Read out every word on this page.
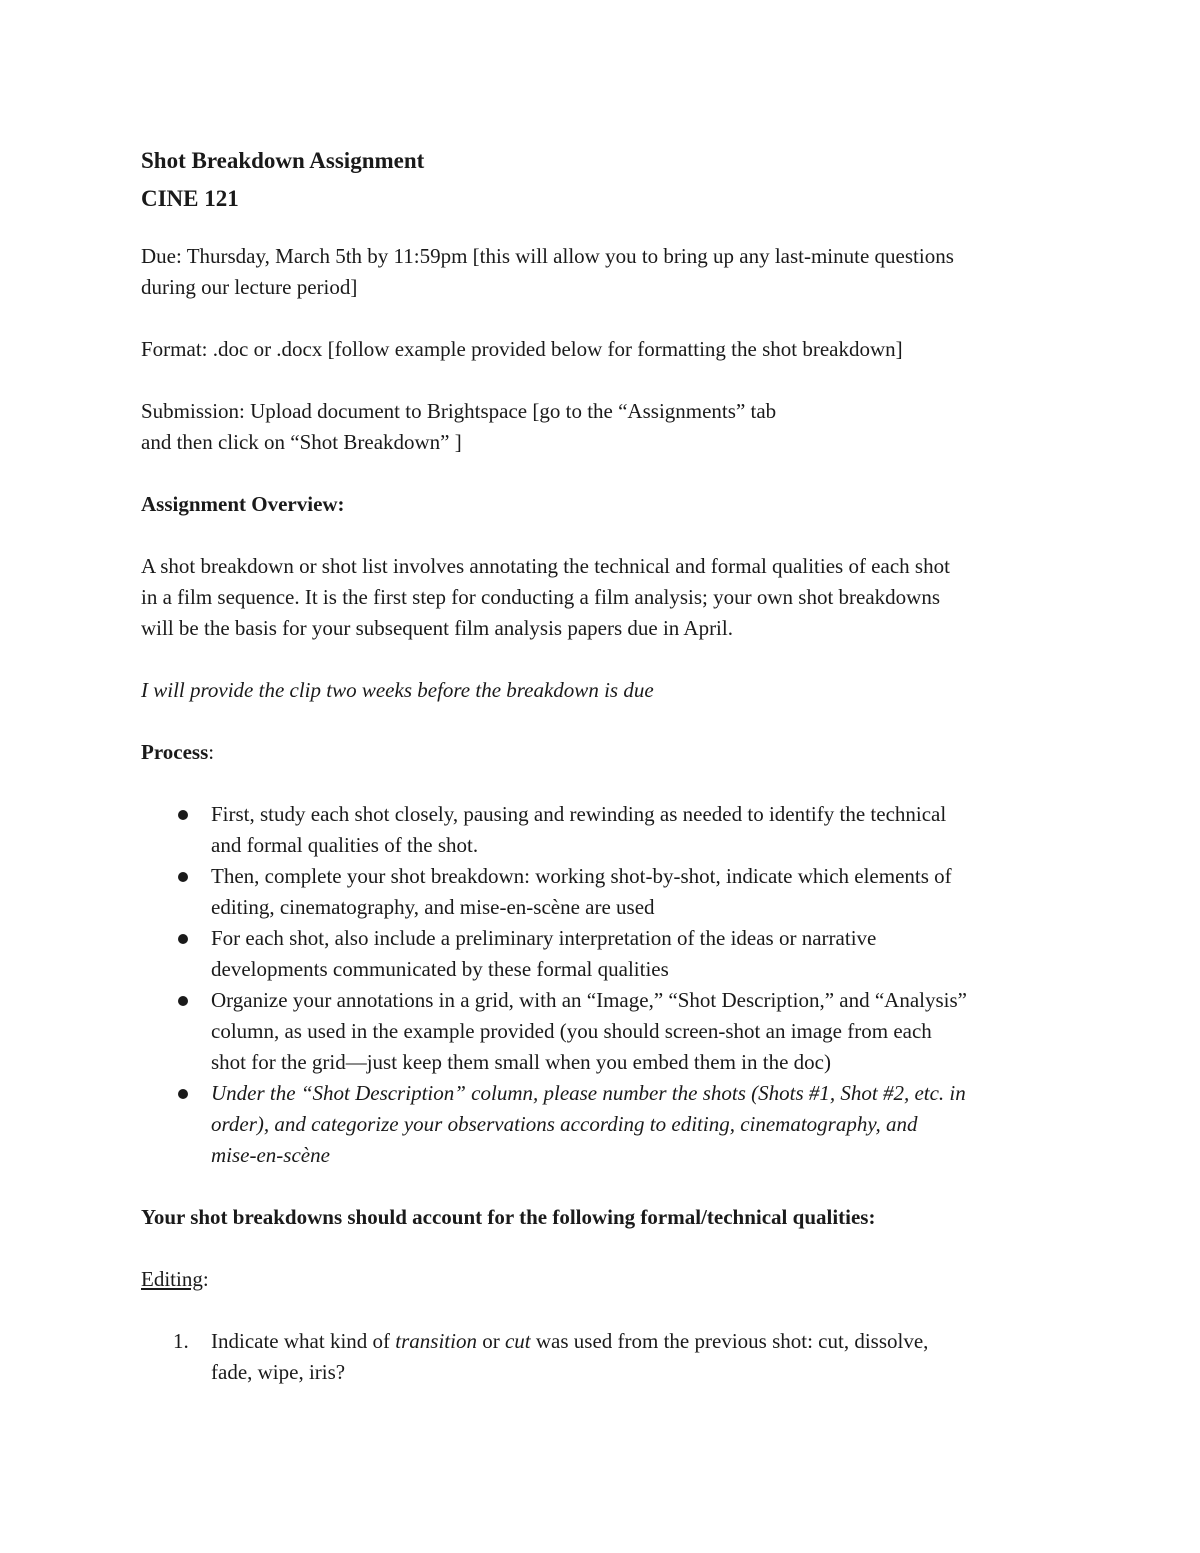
Shot Breakdown Assignment
CINE 121

Due: Thursday, March 5th by 11:59pm [this will allow you to bring up any last-minute questions
during our lecture period]

Format: .doc or .docx [follow example provided below for formatting the shot breakdown]

Submission: Upload document to Brightspace [go to the “Assignments” tab
and then click on “Shot Breakdown” ]

Assignment Overview:

A shot breakdown or shot list involves annotating the technical and formal qualities of each shot
in a film sequence. It is the first step for conducting a film analysis; your own shot breakdowns
will be the basis for your subsequent film analysis papers due in April.

I will provide the clip two weeks before the breakdown is due

Process:

First, study each shot closely, pausing and rewinding as needed to identify the technical
and formal qualities of the shot.
Then, complete your shot breakdown: working shot-by-shot, indicate which elements of
editing, cinematography, and mise-en-scène are used
For each shot, also include a preliminary interpretation of the ideas or narrative
developments communicated by these formal qualities
Organize your annotations in a grid, with an “Image,” “Shot Description,” and “Analysis”
column, as used in the example provided (you should screen-shot an image from each
shot for the grid—just keep them small when you embed them in the doc)
Under the “Shot Description” column, please number the shots (Shots #1, Shot #2, etc. in
order), and categorize your observations according to editing, cinematography, and
mise-en-scène

Your shot breakdowns should account for the following formal/technical qualities:

Editing:

1. Indicate what kind of transition or cut was used from the previous shot: cut, dissolve,
fade, wipe, iris?
